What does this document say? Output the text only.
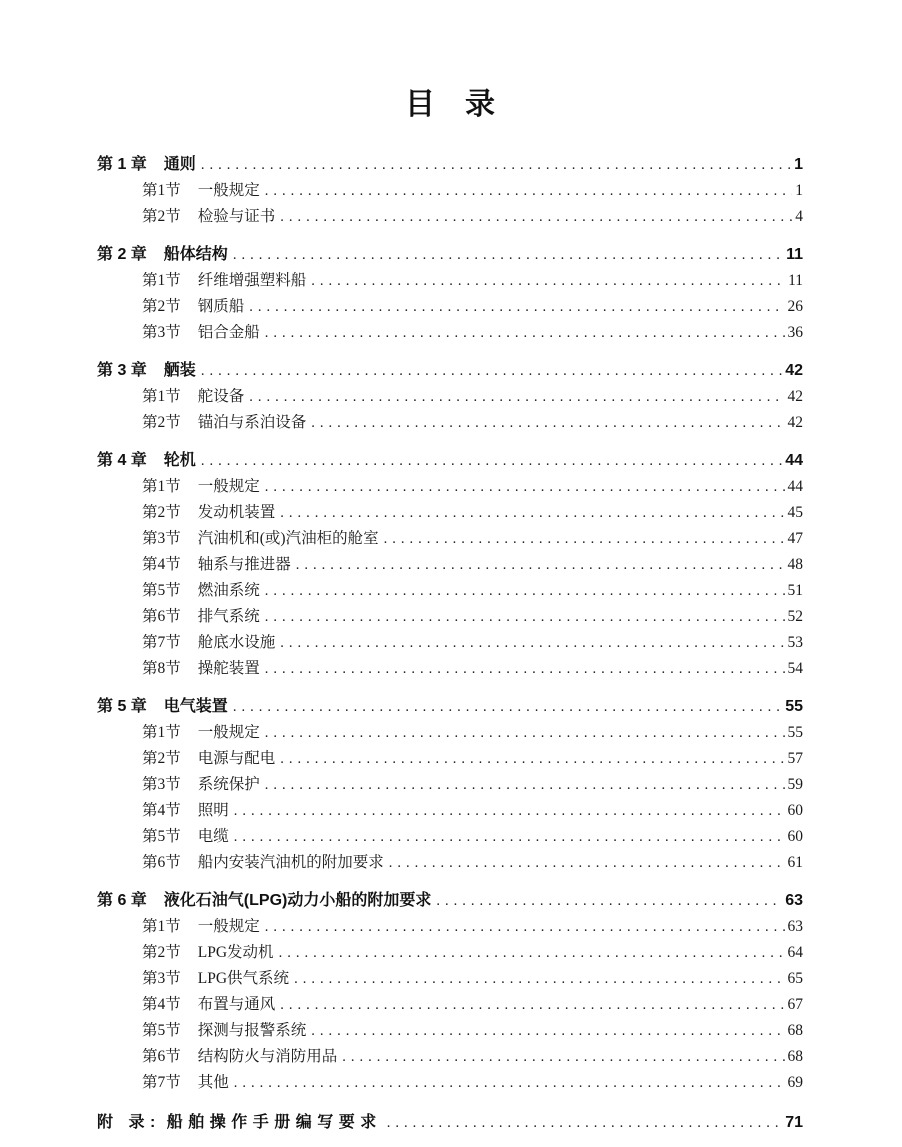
目　录
第 1 章 通则 .....	1
第1节 一般规定 .....	1
第2节 检验与证书 .....	4
第 2 章 船体结构 .....	11
第1节 纤维增强塑料船 .....	11
第2节 钢质船 .....	26
第3节 铝合金船 .....	36
第 3 章 舾装 .....	42
第1节 舵设备 .....	42
第2节 锚泊与系泊设备 .....	42
第 4 章 轮机 .....	44
第1节 一般规定 .....	44
第2节 发动机装置 .....	45
第3节 汽油机和(或)汽油柜的舱室 .....	47
第4节 轴系与推进器 .....	48
第5节 燃油系统 .....	51
第6节 排气系统 .....	52
第7节 舱底水设施 .....	53
第8节 操舵装置 .....	54
第 5 章 电气装置 .....	55
第1节 一般规定 .....	55
第2节 电源与配电 .....	57
第3节 系统保护 .....	59
第4节 照明 .....	60
第5节 电缆 .....	60
第6节 船内安装汽油机的附加要求 .....	61
第 6 章 液化石油气(LPG)动力小船的附加要求 .....	63
第1节 一般规定 .....	63
第2节 LPG发动机 .....	64
第3节 LPG供气系统 .....	65
第4节 布置与通风 .....	67
第5节 探测与报警系统 .....	68
第6节 结构防火与消防用品 .....	68
第7节 其他 .....	69
附 录: 船舶操作手册编写要求 .....	71
